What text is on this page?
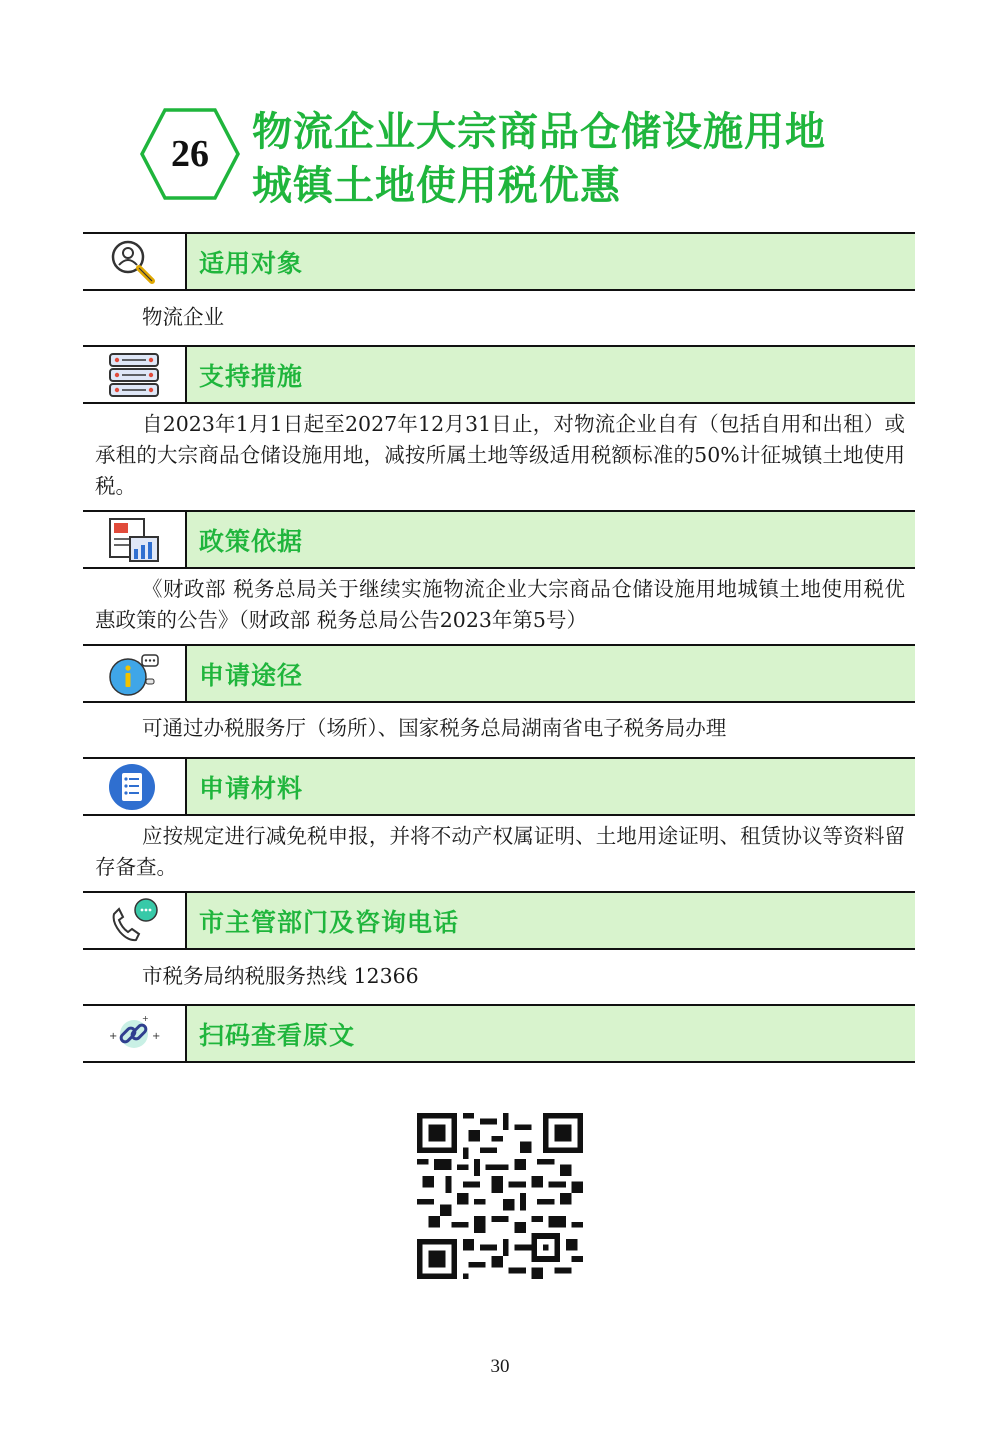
26	物流企业大宗商品仓储设施用地
城镇土地使用税优惠
适用对象

物流企业

支持措施

自2023年1月1日起至2027年12月31日止，对物流企业自有（包括自用和出租）或承租的大宗商品仓储设施用地，减按所属土地等级适用税额标准的50%计征城镇土地使用税。

政策依据

《财政部 税务总局关于继续实施物流企业大宗商品仓储设施用地城镇土地使用税优惠政策的公告》（财政部 税务总局公告2023年第5号）

申请途径

可通过办税服务厅（场所）、国家税务总局湖南省电子税务局办理

申请材料

应按规定进行减免税申报，并将不动产权属证明、土地用途证明、租赁协议等资料留存备查。

市主管部门及咨询电话

市税务局纳税服务热线 12366

+	+
+
扫码查看原文
30
